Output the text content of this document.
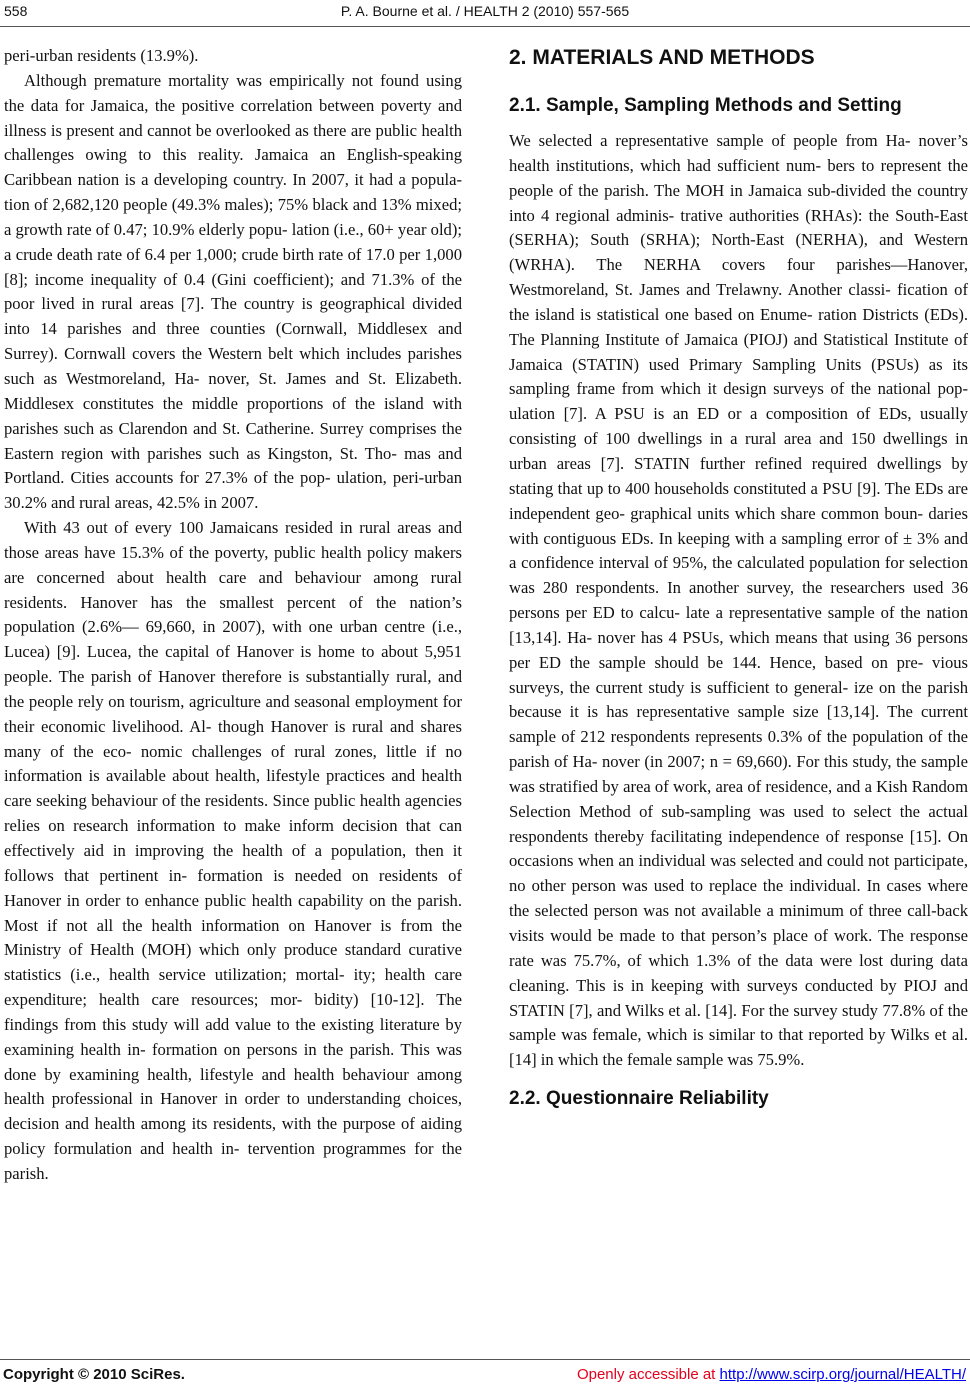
558	P. A. Bourne et al. / HEALTH 2 (2010) 557-565

peri-urban residents (13.9%).

Although premature mortality was empirically not found using the data for Jamaica, the positive correlation between poverty and illness is present and cannot be overlooked as there are public health challenges owing to this reality. Jamaica an English-speaking Caribbean nation is a developing country. In 2007, it had a popula- tion of 2,682,120 people (49.3% males); 75% black and 13% mixed; a growth rate of 0.47; 10.9% elderly popu- lation (i.e., 60+ year old); a crude death rate of 6.4 per 1,000; crude birth rate of 17.0 per 1,000 [8]; income inequality of 0.4 (Gini coefficient); and 71.3% of the poor lived in rural areas [7]. The country is geographical divided into 14 parishes and three counties (Cornwall, Middlesex and Surrey). Cornwall covers the Western belt which includes parishes such as Westmoreland, Ha- nover, St. James and St. Elizabeth. Middlesex constitutes the middle proportions of the island with parishes such as Clarendon and St. Catherine. Surrey comprises the Eastern region with parishes such as Kingston, St. Tho- mas and Portland. Cities accounts for 27.3% of the pop- ulation, peri-urban 30.2% and rural areas, 42.5% in 2007.

With 43 out of every 100 Jamaicans resided in rural areas and those areas have 15.3% of the poverty, public health policy makers are concerned about health care and behaviour among rural residents. Hanover has the smallest percent of the nation’s population (2.6%— 69,660, in 2007), with one urban centre (i.e., Lucea) [9]. Lucea, the capital of Hanover is home to about 5,951 people. The parish of Hanover therefore is substantially rural, and the people rely on tourism, agriculture and seasonal employment for their economic livelihood. Al- though Hanover is rural and shares many of the eco- nomic challenges of rural zones, little if no information is available about health, lifestyle practices and health care seeking behaviour of the residents. Since public health agencies relies on research information to make inform decision that can effectively aid in improving the health of a population, then it follows that pertinent in- formation is needed on residents of Hanover in order to enhance public health capability on the parish. Most if not all the health information on Hanover is from the Ministry of Health (MOH) which only produce standard curative statistics (i.e., health service utilization; mortal- ity; health care expenditure; health care resources; mor- bidity) [10-12]. The findings from this study will add value to the existing literature by examining health in- formation on persons in the parish. This was done by examining health, lifestyle and health behaviour among health professional in Hanover in order to understanding choices, decision and health among its residents, with the purpose of aiding policy formulation and health in- tervention programmes for the parish.

2. MATERIALS AND METHODS
2.1. Sample, Sampling Methods and Setting

We selected a representative sample of people from Ha- nover’s health institutions, which had sufficient num- bers to represent the people of the parish. The MOH in Jamaica sub-divided the country into 4 regional adminis- trative authorities (RHAs): the South-East (SERHA); South (SRHA); North-East (NERHA), and Western (WRHA). The NERHA covers four parishes—Hanover, Westmoreland, St. James and Trelawny. Another classi- fication of the island is statistical one based on Enume- ration Districts (EDs). The Planning Institute of Jamaica (PIOJ) and Statistical Institute of Jamaica (STATIN) used Primary Sampling Units (PSUs) as its sampling frame from which it design surveys of the national pop- ulation [7]. A PSU is an ED or a composition of EDs, usually consisting of 100 dwellings in a rural area and 150 dwellings in urban areas [7]. STATIN further refined required dwellings by stating that up to 400 households constituted a PSU [9]. The EDs are independent geo- graphical units which share common boun- daries with contiguous EDs. In keeping with a sampling error of ± 3% and a confidence interval of 95%, the calculated population for selection was 280 respondents. In another survey, the researchers used 36 persons per ED to calcu- late a representative sample of the nation [13,14]. Ha- nover has 4 PSUs, which means that using 36 persons per ED the sample should be 144. Hence, based on pre- vious surveys, the current study is sufficient to general- ize on the parish because it is has representative sample size [13,14]. The current sample of 212 respondents represents 0.3% of the population of the parish of Ha- nover (in 2007; n = 69,660). For this study, the sample was stratified by area of work, area of residence, and a Kish Random Selection Method of sub-sampling was used to select the actual respondents thereby facilitating independence of response [15]. On occasions when an individual was selected and could not participate, no other person was used to replace the individual. In cases where the selected person was not available a minimum of three call-back visits would be made to that person’s place of work. The response rate was 75.7%, of which 1.3% of the data were lost during data cleaning. This is in keeping with surveys conducted by PIOJ and STATIN [7], and Wilks et al. [14]. For the survey study 77.8% of the sample was female, which is similar to that reported by Wilks et al. [14] in which the female sample was 75.9%.

2.2. Questionnaire Reliability
Copyright © 2010 SciRes.	Openly accessible at http://www.scirp.org/journal/HEALTH/
